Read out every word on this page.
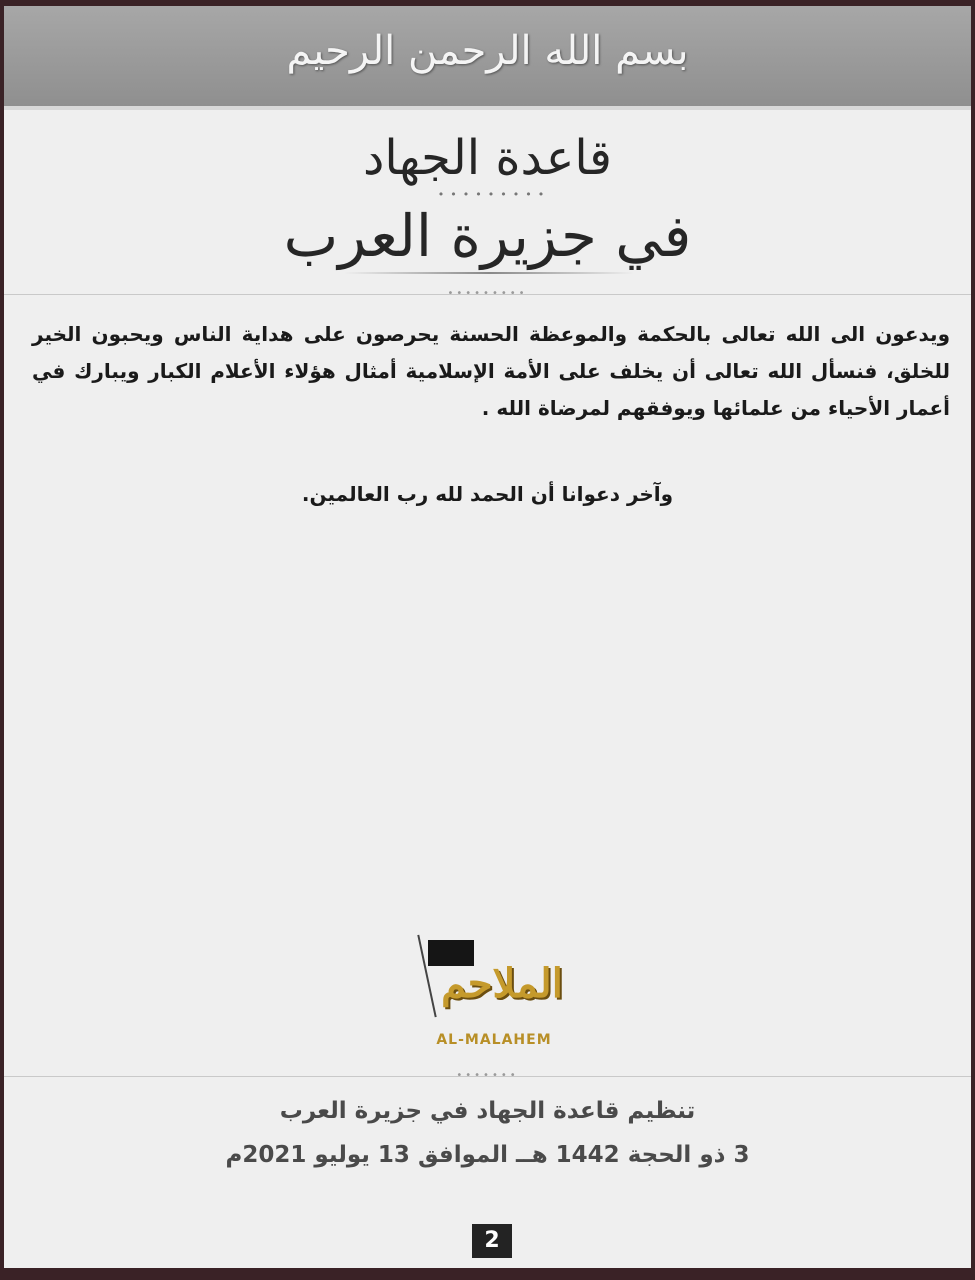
بسم الله الرحمن الرحيم
قاعدة الجهاد
•••••••••
في جزيرة العرب
•••••••••
ويدعون الى الله تعالى بالحكمة والموعظة الحسنة يحرصون على هداية الناس ويحبون الخير للخلق، فنسأل الله تعالى أن يخلف على الأمة الإسلامية أمثال هؤلاء الأعلام الكبار ويبارك في أعمار الأحياء من علمائها ويوفقهم لمرضاة الله .
وآخر دعوانا أن الحمد لله رب العالمين.
الملاحم
AL-MALAHEM
•••••••
تنظيم قاعدة الجهاد في جزيرة العرب
3 ذو الحجة 1442 هــ الموافق 13 يوليو 2021م
2
